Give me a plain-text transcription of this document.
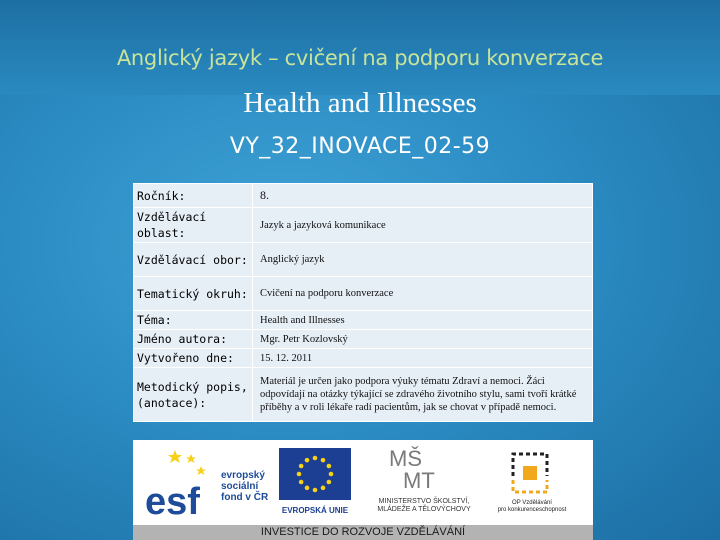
Anglický jazyk – cvičení na podporu konverzace
Health and Illnesses
VY_32_INOVACE_02-59
Ročník:	8.
Vzdělávací oblast:	Jazyk a jazyková komunikace
Vzdělávací obor:	Anglický jazyk
Tematický okruh:	Cvičení na podporu konverzace
Téma:	Health and Illnesses
Jméno autora:	Mgr. Petr Kozlovský
Vytvořeno dne:	15. 12. 2011
Metodický popis, (anotace):	Materiál je určen jako podpora výuky tématu Zdraví a nemoci. Žáci odpovídají na otázky týkající se zdravého životního stylu, sami tvoří krátké příběhy a v roli lékaře radí pacientům, jak se chovat v případě nemoci.
esf
evropský
sociální
fond v ČR
EVROPSKÁ UNIE
MŠ
MT
MINISTERSTVO ŠKOLSTVÍ,
MLÁDEŽE A TĚLOVÝCHOVY
OP Vzdělávání
pro konkurenceschopnost
INVESTICE DO ROZVOJE VZDĚLÁVÁNÍ
